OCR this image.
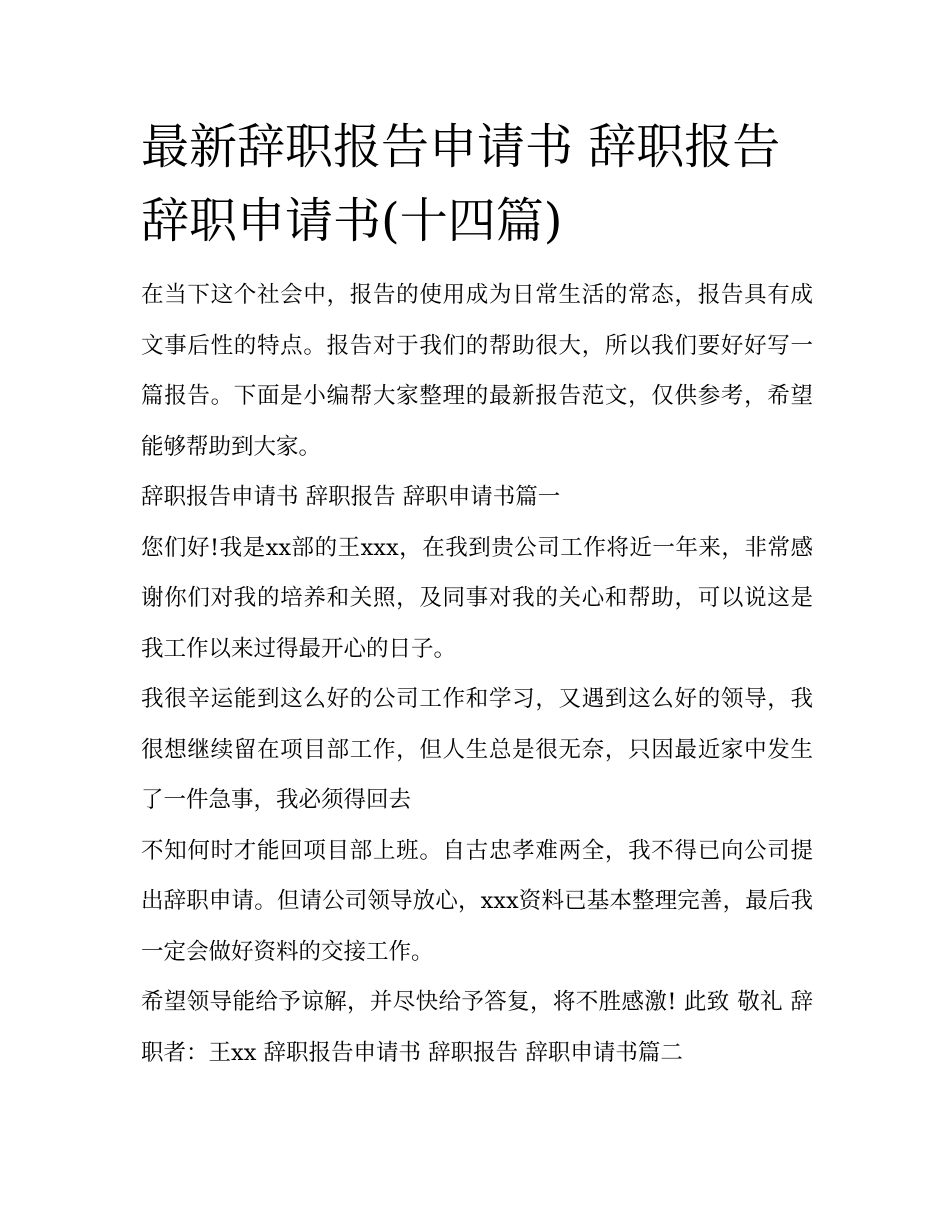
最新辞职报告申请书 辞职报告辞职申请书(十四篇)

在当下这个社会中，报告的使用成为日常生活的常态，报告具有成文事后性的特点。报告对于我们的帮助很大，所以我们要好好写一篇报告。下面是小编帮大家整理的最新报告范文，仅供参考，希望能够帮助到大家。

辞职报告申请书 辞职报告 辞职申请书篇一

您们好!我是xx部的王xxx，在我到贵公司工作将近一年来，非常感谢你们对我的培养和关照，及同事对我的关心和帮助，可以说这是我工作以来过得最开心的日子。

我很辛运能到这么好的公司工作和学习，又遇到这么好的领导，我很想继续留在项目部工作，但人生总是很无奈，只因最近家中发生了一件急事，我必须得回去

不知何时才能回项目部上班。自古忠孝难两全，我不得已向公司提出辞职申请。但请公司领导放心，xxx资料已基本整理完善，最后我一定会做好资料的交接工作。

希望领导能给予谅解，并尽快给予答复，将不胜感激! 此致 敬礼 辞职者：王xx 辞职报告申请书 辞职报告 辞职申请书篇二
